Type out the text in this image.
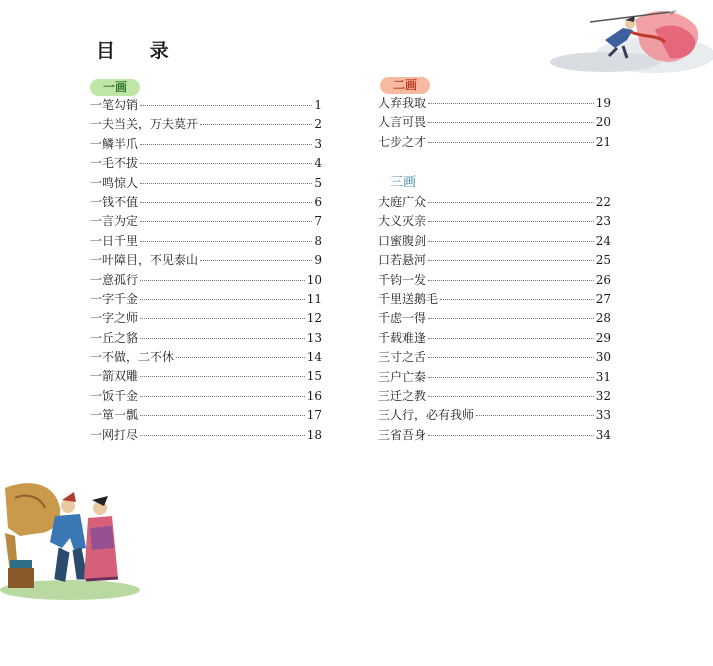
目 录
一画
一笔勾销	1
一夫当关，万夫莫开	2
一鳞半爪	3
一毛不拔	4
一鸣惊人	5
一钱不值	6
一言为定	7
一日千里	8
一叶障目，不见泰山	9
一意孤行	10
一字千金	11
一字之师	12
一丘之貉	13
一不做，二不休	14
一箭双雕	15
一饭千金	16
一箪一瓢	17
一网打尽	18
二画
人弃我取	19
人言可畏	20
七步之才	21
三画
大庭广众	22
大义灭亲	23
口蜜腹剑	24
口若悬河	25
千钧一发	26
千里送鹅毛	27
千虑一得	28
千载难逢	29
三寸之舌	30
三户亡秦	31
三迁之教	32
三人行，必有我师	33
三省吾身	34
